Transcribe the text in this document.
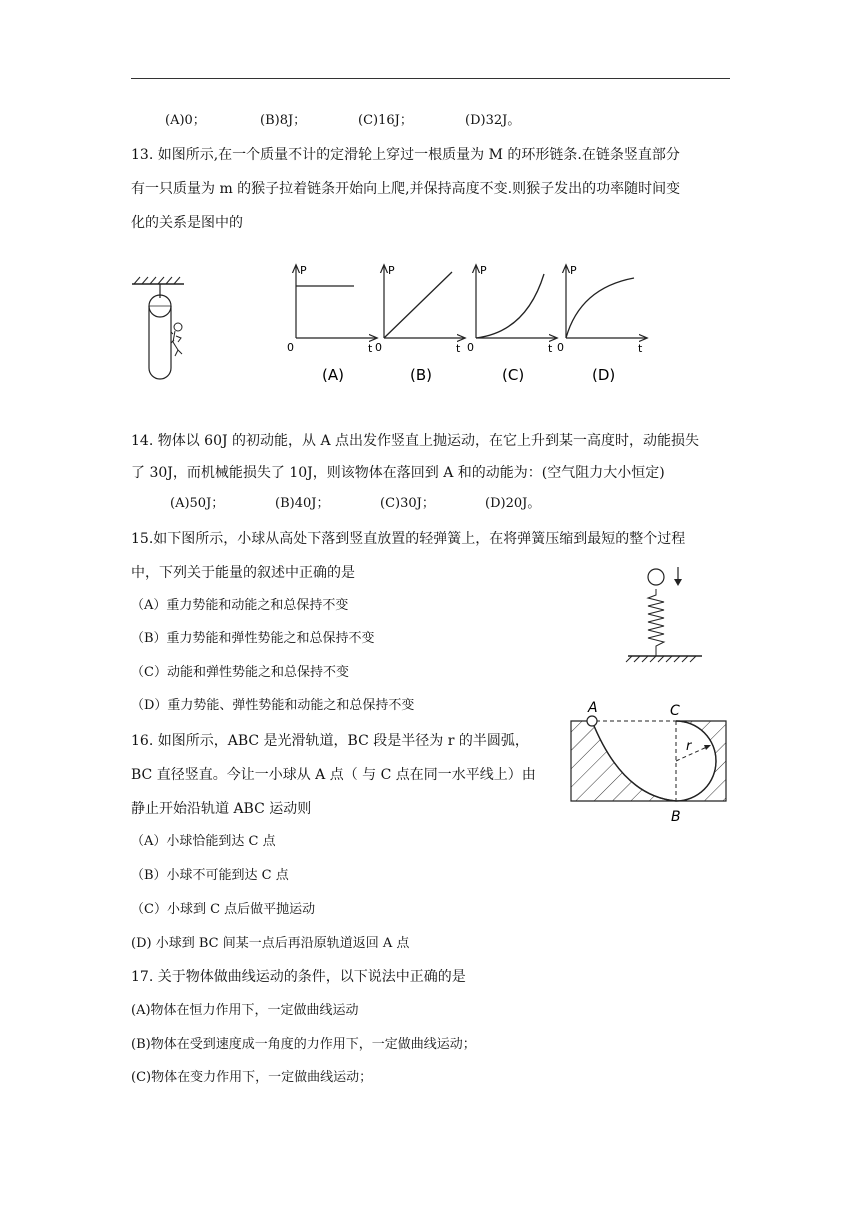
(A)0；	(B)8J；	(C)16J；	(D)32J。
13. 如图所示,在一个质量不计的定滑轮上穿过一根质量为 M 的环形链条.在链条竖直部分
有一只质量为 m 的猴子拉着链条开始向上爬,并保持高度不变.则猴子发出的功率随时间变
化的关系是图中的
P
t
0
(A)
P
t
0
(B)
P
t
0
(C)
P
t
0
(D)
14. 物体以 60J 的初动能，从 A 点出发作竖直上抛运动，在它上升到某一高度时，动能损失
了 30J，而机械能损失了 10J，则该物体在落回到 A 和的动能为：(空气阻力大小恒定)
(A)50J；	(B)40J；	(C)30J；	(D)20J。
15.如下图所示，小球从高处下落到竖直放置的轻弹簧上，在将弹簧压缩到最短的整个过程
中，下列关于能量的叙述中正确的是
（A）重力势能和动能之和总保持不变
（B）重力势能和弹性势能之和总保持不变
（C）动能和弹性势能之和总保持不变
（D）重力势能、弹性势能和动能之和总保持不变
16. 如图所示，ABC 是光滑轨道，BC 段是半径为 r 的半圆弧，
BC 直径竖直。今让一小球从 A 点（ 与 C 点在同一水平线上）由
静止开始沿轨道 ABC 运动则
（A）小球恰能到达 C 点
（B）小球不可能到达 C 点
（C）小球到 C 点后做平抛运动
(D) 小球到 BC 间某一点后再沿原轨道返回 A 点
A	C
B
r
17. 关于物体做曲线运动的条件，以下说法中正确的是
(A)物体在恒力作用下，一定做曲线运动
(B)物体在受到速度成一角度的力作用下，一定做曲线运动；
(C)物体在变力作用下，一定做曲线运动；
